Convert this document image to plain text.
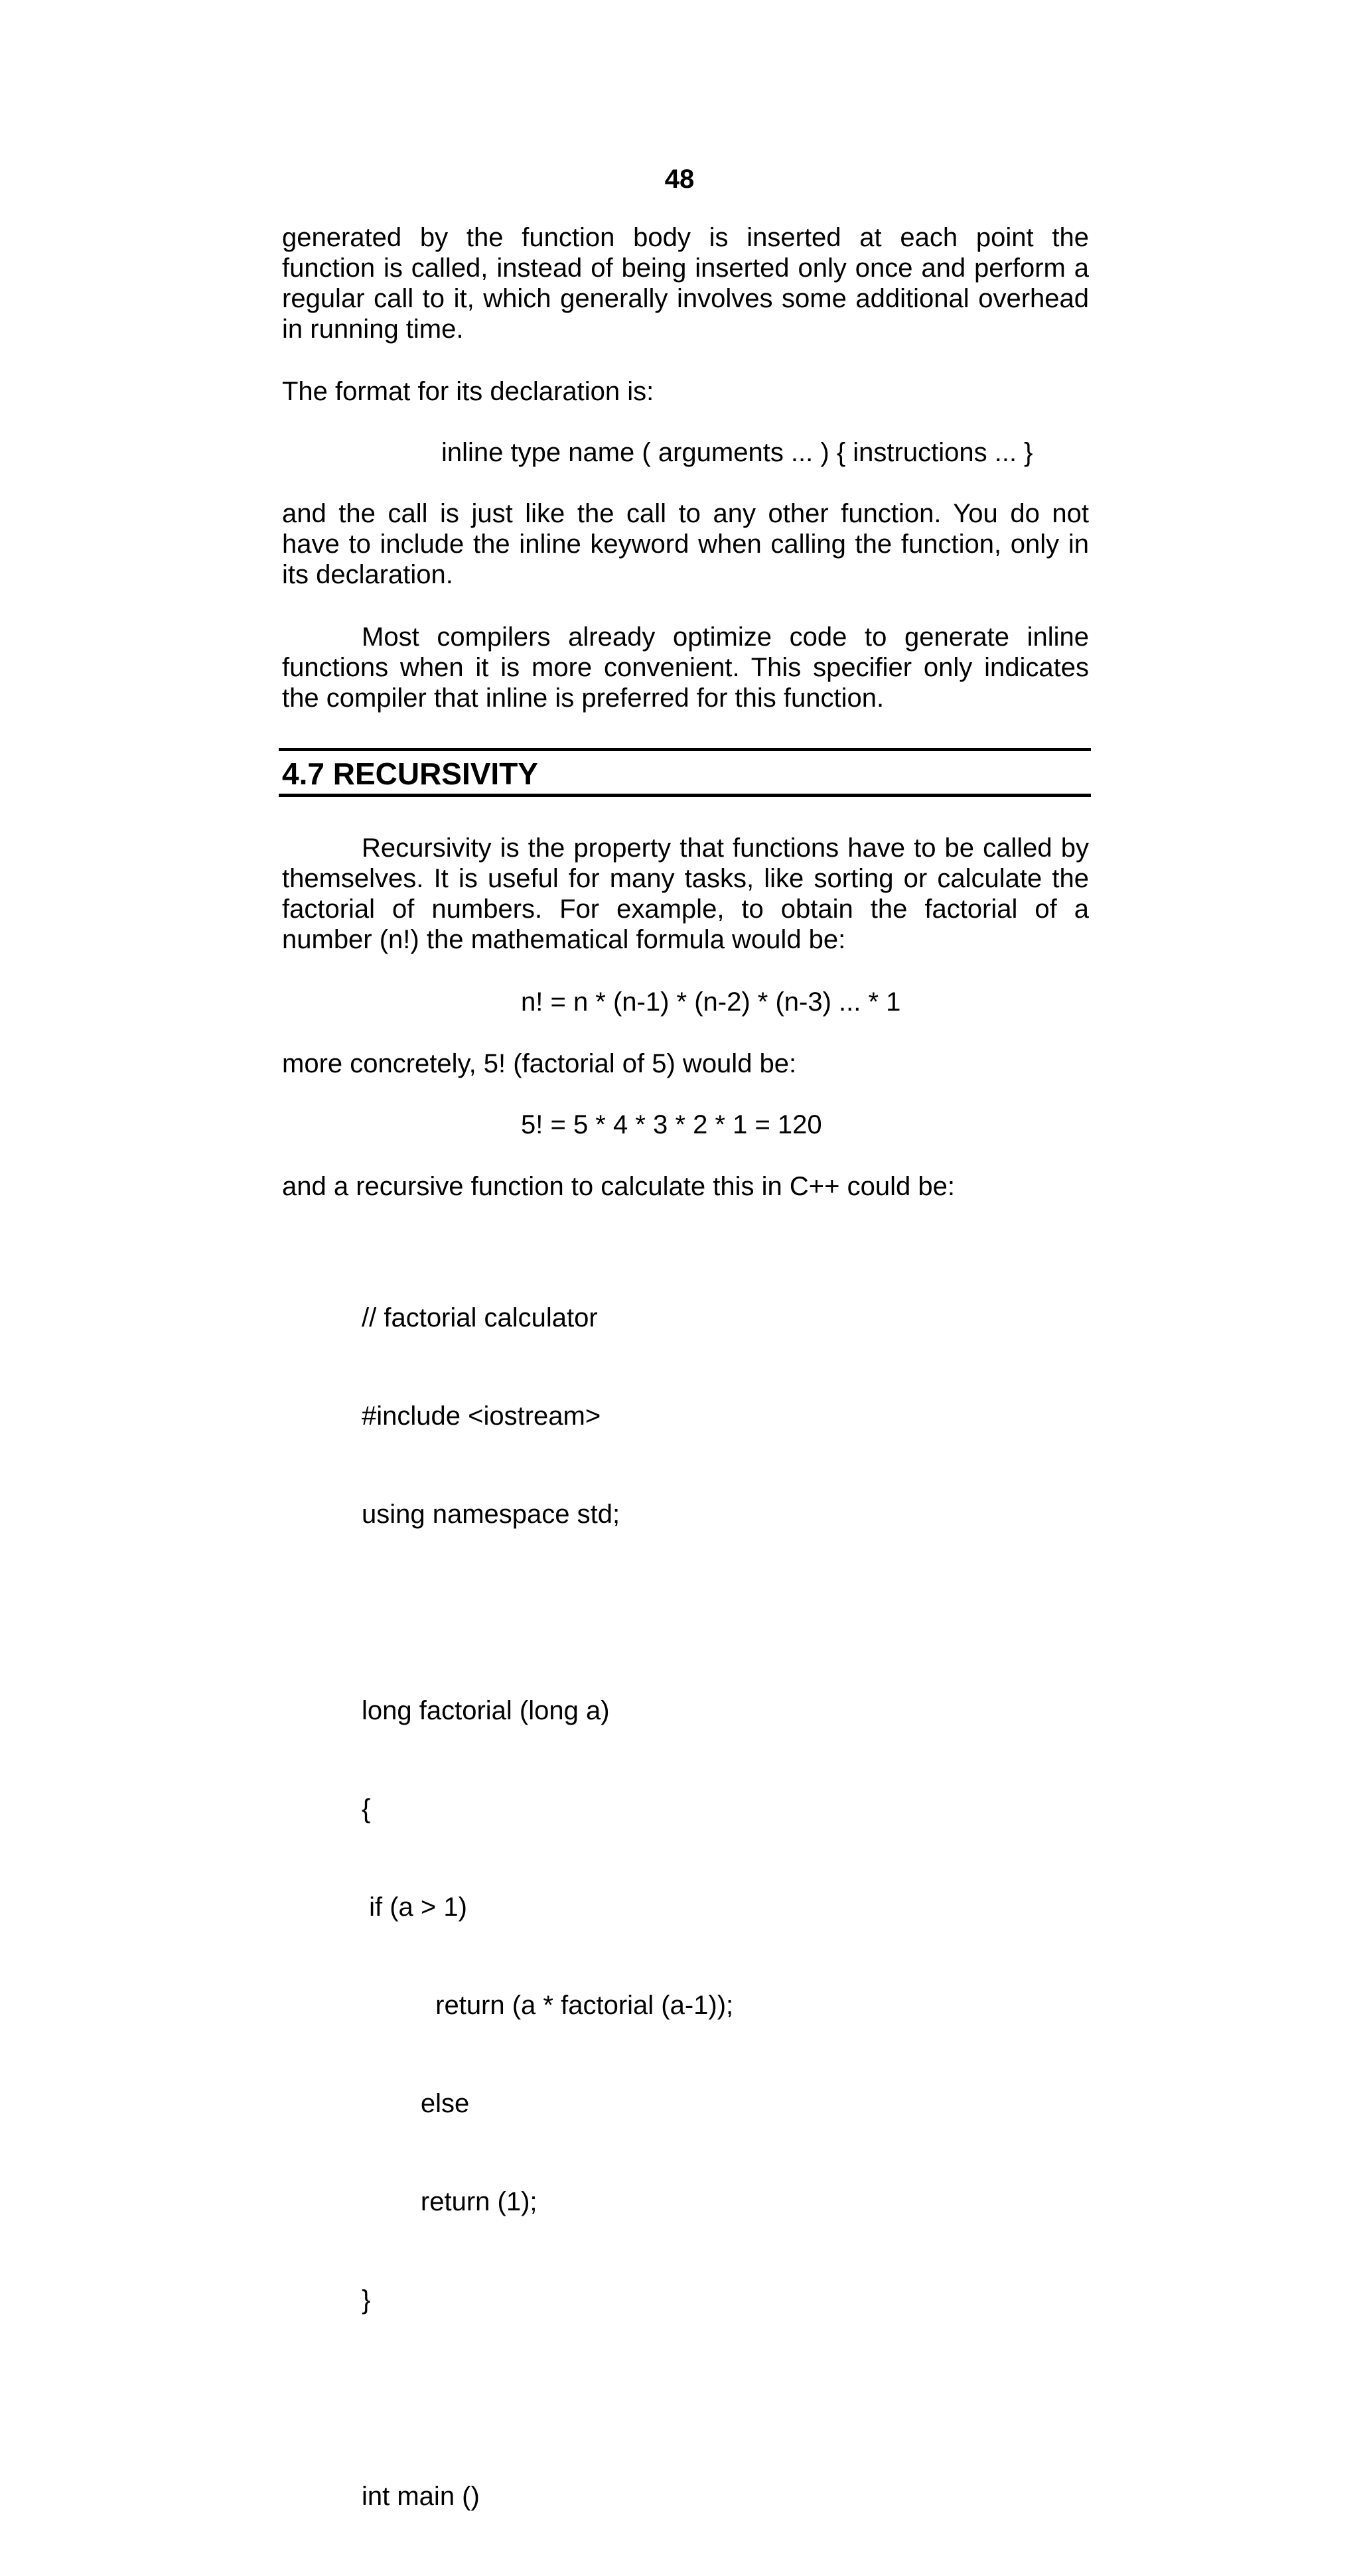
48
generated by the function body is inserted at each point the
function is called, instead of being inserted only once and perform a
regular call to it, which generally involves some additional overhead
in running time.
The format for its declaration is:
inline type name ( arguments ... ) { instructions ... }
and the call is just like the call to any other function. You do not
have to include the inline keyword when calling the function, only in
its declaration.
Most compilers already optimize code to generate inline
functions when it is more convenient. This specifier only indicates
the compiler that inline is preferred for this function.
4.7 RECURSIVITY
Recursivity is the property that functions have to be called by
themselves. It is useful for many tasks, like sorting or calculate the
factorial of numbers. For example, to obtain the factorial of a
number (n!) the mathematical formula would be:
n! = n * (n-1) * (n-2) * (n-3) ... * 1
more concretely, 5! (factorial of 5) would be:
5! = 5 * 4 * 3 * 2 * 1 = 120
and a recursive function to calculate this in C++ could be:

// factorial calculator

#include <iostream>

using namespace std;

long factorial (long a)

{

if (a > 1)

return (a * factorial (a-1));

else

return (1);

}

int main ()
